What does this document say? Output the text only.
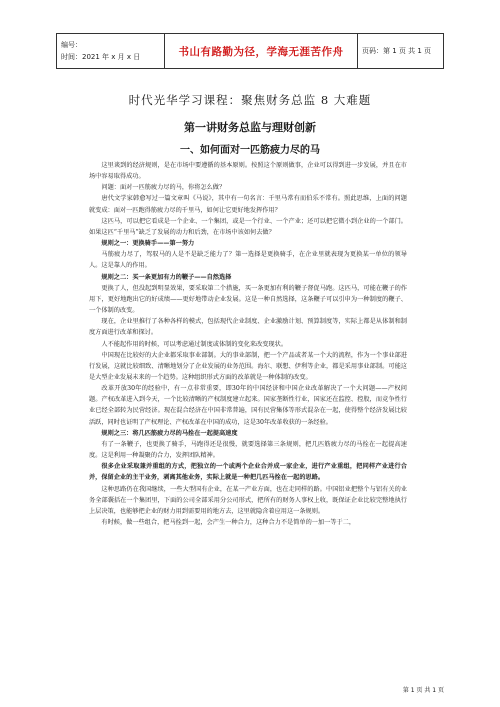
编号：
时间：2021 年 x 月 x 日	书山有路勤为径，学海无涯苦作舟	页码：第 1 页 共 1 页
时代光华学习课程：聚焦财务总监 8 大难题
第一讲财务总监与理财创新
一、如何面对一匹筋疲力尽的马

这里谈到的经济规则，是在市场中要遵循的基本原则。按照这个原则做事，企业可以得到进一步发展，并且在市场中容易取得成功。

问题：面对一匹筋疲力尽的马，你将怎么做？

唐代文学家韩愈写过一篇文章叫《马说》，其中有一句名言：千里马常有而伯乐不常有。照此思维，上面的问题就变成：面对一匹跑得筋疲力尽的千里马，如何让它更好地发挥作用？

这匹马，可以把它看成是一个企业、一个集团，或是一个行业、一个产业；还可以把它微小到企业的一个部门。如果这匹“千里马”缺乏了发展的动力和后劲，在市场中该如何去做？

规则之一：更换骑手——第一努力

马筋疲力尽了，驾驭马的人是不是缺乏能力了？第一选择是更换骑手，在企业里就表现为更换某一单位的领导人。这是靠人的作用。

规则之二：买一条更加有力的鞭子——自然选择

更换了人，但没起到明显效果，要采取第二个措施，买一条更加有利的鞭子督促马跑。这匹马，可能在鞭子的作用下，更好地跑出它的好成绩——更好地带动企业发展。这是一种自然选择，这条鞭子可以引申为一种制度的鞭子、一个体制的改变。

现在，企业里推行了各种各样的模式，包括现代企业制度、企业激励计划、预算制度等，实际上都是从体制和制度方面进行改革和探讨。

人不能起作用的时候，可以考虑通过制度或体制的变化来改变现状。

中国现在比较好的大企业都采取事业部制。大的事业部制，把一个产品或者某一个大的流程，作为一个事业部进行发展，这就比较细致、清晰地划分了企业发展的业务范围。海尔、联想、伊利等企业，都是采用事业部制。可能这是大型企业发展未来的一个趋势。这种组织形式方面的改革就是一种体制的改变。

改革开放30年的经验中，有一点非常重要，即30年的中国经济和中国企业改革解决了一个大问题——产权问题。产权改革进入到今天，一个比较清晰的产权制度建立起来。国家垄断性行业，国家还在监控、控股，而竞争性行业已经全部转为民营经济。现在混合经济在中国非常普遍，国有民营集体等形式混杂在一起，使得整个经济发展比较活跃，同时也证明了产权理论、产权改革在中国的成功，这是30年改革收获的一条经验。

规则之三：将几匹筋疲力尽的马拴在一起提高速度

有了一条鞭子，也更换了骑手，马跑得还是很慢，就要选择第三条规则，把几匹筋疲力尽的马拴在一起提高速度。这是利用一种凝聚的合力，发挥团队精神。

很多企业采取兼并重组的方式，把独立的一个或两个企业合并成一家企业，进行产业重组，把同样产业进行合并，保留企业的主干业务，剥离其他业务，实际上就是一种把几匹马拴在一起的思路。

这种思路仍在我国继续，一些大型国有企业，在某一产业方面，也在走同样的路。中国铝业把整个与铝有关的业务全部囊括在一个集团里，下面的公司全部采用分公司形式，把所有的财务人事权上收，既保证企业比较完整地执行上层决策，也能够把企业的财力用到需要用的地方去，这里就隐含着应用这一条规则。

有时候，做一些组合，把马拴到一起，会产生一种合力，这种合力不是简单的一加一等于二，

第 1 页 共 1 页
